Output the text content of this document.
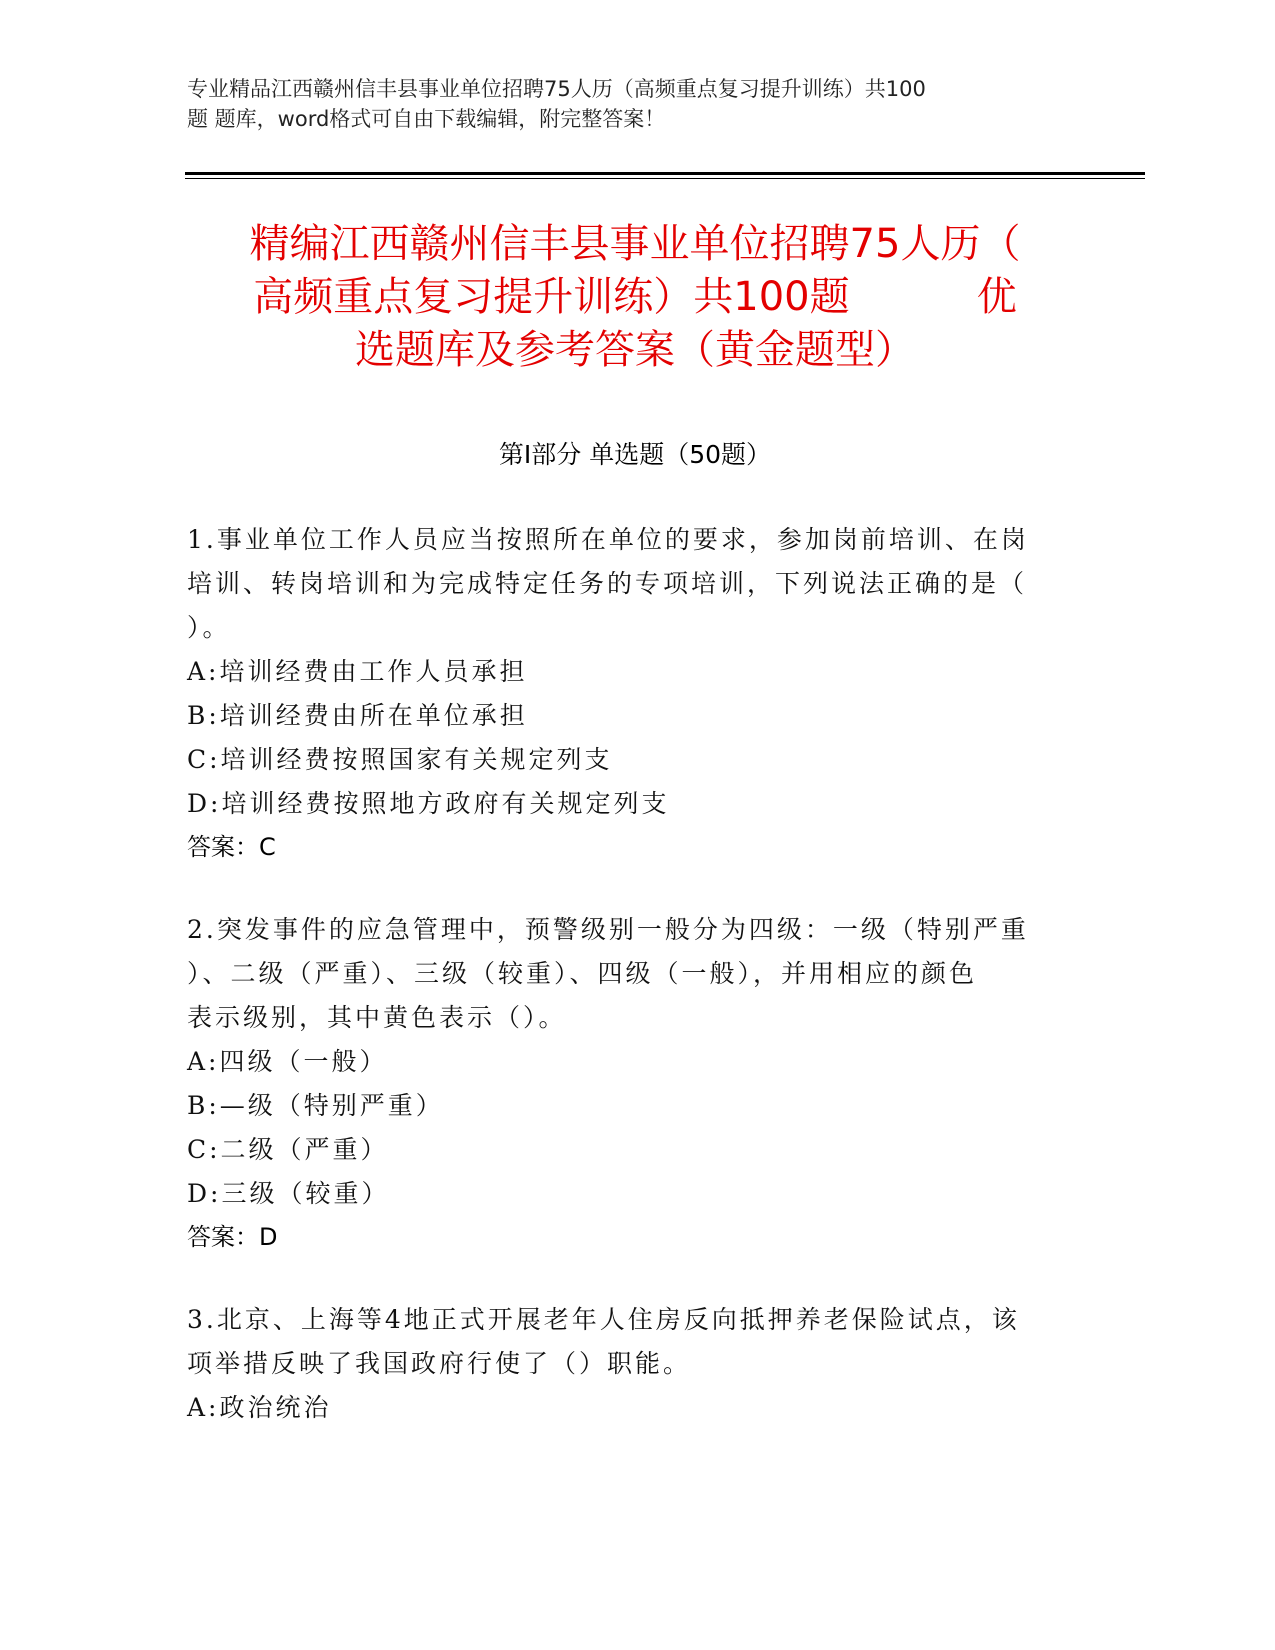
专业精品江西赣州信丰县事业单位招聘75人历（高频重点复习提升训练）共100
题 题库，word格式可自由下载编辑，附完整答案！
精编江西赣州信丰县事业单位招聘75人历（
高频重点复习提升训练）共100题          优
选题库及参考答案（黄金题型）
第Ⅰ部分 单选题（50题）
1.事业单位工作人员应当按照所在单位的要求，参加岗前培训、在岗
培训、转岗培训和为完成特定任务的专项培训，下列说法正确的是（
）。
A:培训经费由工作人员承担
B:培训经费由所在单位承担
C:培训经费按照国家有关规定列支
D:培训经费按照地方政府有关规定列支
答案：C
2.突发事件的应急管理中，预警级别一般分为四级：一级（特别严重
）、二级（严重）、三级（较重）、四级（一般），并用相应的颜色
表示级别，其中黄色表示（）。
A:四级（一般）
B:—级（特别严重）
C:二级（严重）
D:三级（较重）
答案：D
3.北京、上海等4地正式开展老年人住房反向抵押养老保险试点，该
项举措反映了我国政府行使了（）职能。
A:政治统治
